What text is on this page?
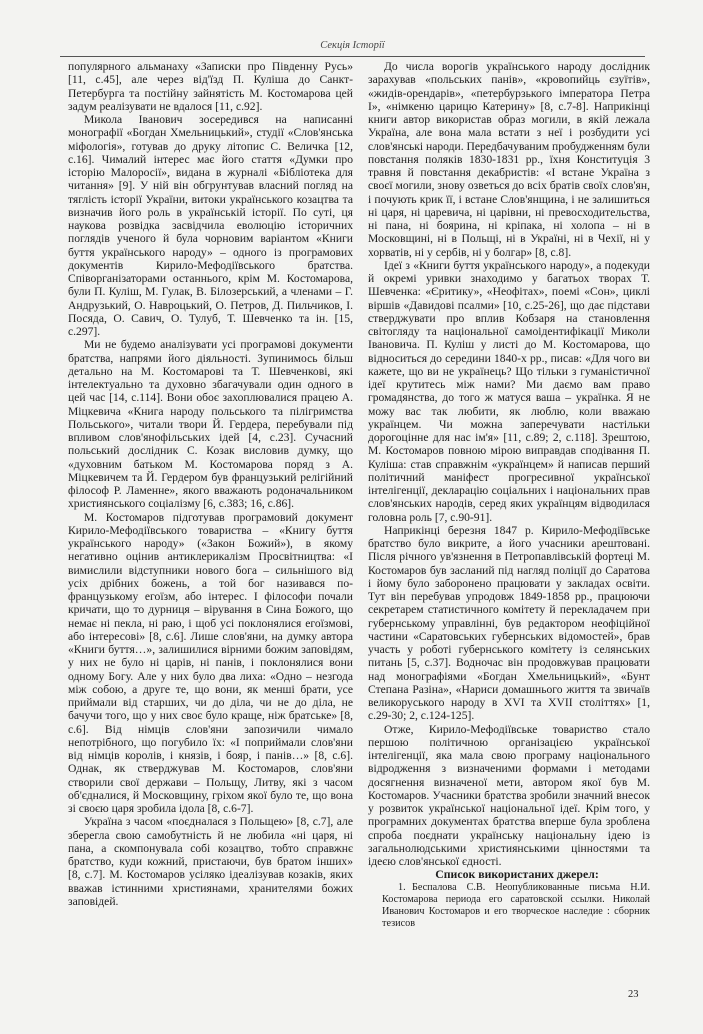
Секція Історії

популярного альманаху «Записки про Південну Русь» [11, с.45], але через від'їзд П. Куліша до Санкт-Петербурга та постійну зайнятість М. Костомарова цей задум реалізувати не вдалося [11, с.92].

Микола Іванович зосередився на написанні монографії «Богдан Хмельницький», студії «Слов'янська міфологія», готував до друку літопис С. Величка [12, с.16]. Чималий інтерес має його стаття «Думки про історію Малоросії», видана в журналі «Бібліотека для читання» [9]. У ній він обгрунтував власний погляд на тяглість історії України, витоки українського козацтва та визначив його роль в українській історії. По суті, ця наукова розвідка засвідчила еволюцію історичних поглядів ученого й була чорновим варіантом «Книги буття українського народу» – одного із програмових документів Кирило-Мефодіївського братства. Співорганізаторами останнього, крім М. Костомарова, були П. Куліш, М. Гулак, В. Білозерський, а членами – Г. Андрузький, О. Навроцький, О. Петров, Д. Пильчиков, І. Посяда, О. Савич, О. Тулуб, Т. Шевченко та ін. [15, с.297].

Ми не будемо аналізувати усі програмові документи братства, напрями його діяльності. Зупинимось більш детально на М. Костомарові та Т. Шевченкові, які інтелектуально та духовно збагачували один одного в цей час [14, с.114]. Вони обоє захоплювалися працею А. Міцкевича «Книга народу польського та пілігримства Польського», читали твори Й. Гердера, перебували під впливом слов'янофільських ідей [4, с.23]. Сучасний польський дослідник С. Козак висловив думку, що «духовним батьком М. Костомарова поряд з А. Міцкевичем та Й. Гердером був французький релігійний філософ Р. Ламенне», якого вважають родоначальником християнського соціалізму [6, с.383; 16, с.86].

М. Костомаров підготував програмовий документ Кирило-Мефодіївського товариства – «Книгу буття українського народу» («Закон Божий»), в якому негативно оцінив антиклерикалізм Просвітництва: «І вимислили відступники нового бога – сильнішого від усіх дрібних божень, а той бог називався по-французькому егоїзм, або інтерес. І філософи почали кричати, що то дурниця – вірування в Сина Божого, що немає ні пекла, ні раю, і щоб усі поклонялися егоїзмові, або інтересові» [8, с.6]. Лише слов'яни, на думку автора «Книги буття…», залишилися вірними божим заповідям, у них не було ні царів, ні панів, і поклонялися вони одному Богу. Але у них було два лиха: «Одно – незгода між собою, а друге те, що вони, як менші брати, усе приймали від старших, чи до діла, чи не до діла, не бачучи того, що у них своє було краще, ніж братське» [8, с.6]. Від німців слов'яни запозичили чимало непотрібного, що погубило їх: «І поприймали слов'яни від німців королів, і князів, і бояр, і панів…» [8, с.6]. Однак, як стверджував М. Костомаров, слов'яни створили свої держави – Польщу, Литву, які з часом об'єдналися, й Московщину, гріхом якої було те, що вона зі своєю царя зробила ідола [8, с.6-7].

Україна з часом «поєдналася з Польщею» [8, с.7], але зберегла свою самобутність й не любила «ні царя, ні пана, а скомпонувала собі козацтво, тобто справжнє братство, куди кожний, пристаючи, був братом інших» [8, с.7]. М. Костомаров усіляко ідеалізував козаків, яких вважав істинними християнами, хранителями божих заповідей.

До числа ворогів українського народу дослідник зарахував «польських панів», «кровопийць єзуїтів», «жидів-орендарів», «петербурзького імператора Петра I», «німкеню царицю Катерину» [8, с.7-8]. Наприкінці книги автор використав образ могили, в якій лежала Україна, але вона мала встати з неї і розбудити усі слов'янські народи. Передбачуваним пробудженням були повстання поляків 1830-1831 рр., їхня Конституція 3 травня й повстання декабристів: «І встане Україна з своєї могили, знову озветься до всіх братів своїх слов'ян, і почують крик її, і встане Слов'янщина, і не залишиться ні царя, ні царевича, ні царівни, ні превосходительства, ні пана, ні боярина, ні кріпака, ні холопа – ні в Московщині, ні в Польщі, ні в Україні, ні в Чехії, ні у хорватів, ні у сербів, ні у болгар» [8, с.8].

Ідеї з «Книги буття українського народу», а подекуди й окремі уривки знаходимо у багатьох творах Т. Шевченка: «Єритику», «Неофітах», поемі «Сон», циклі віршів «Давидові псалми» [10, с.25-26], що дає підстави стверджувати про вплив Кобзаря на становлення світогляду та національної самоідентифікації Миколи Івановича. П. Куліш у листі до М. Костомарова, що відноситься до середини 1840-х рр., писав: «Для чого ви кажете, що ви не українець? Що тільки з гуманістичної ідеї крутитесь між нами? Ми даємо вам право громадянства, до того ж матуся ваша – українка. Я не можу вас так любити, як люблю, коли вважаю українцем. Чи можна заперечувати настільки дорогоцінне для нас ім'я» [11, с.89; 2, с.118]. Зрештою, М. Костомаров повною мірою виправдав сподівання П. Куліша: став справжнім «українцем» й написав перший політичний маніфест прогресивної української інтелігенції, декларацію соціальних і національних прав слов'янських народів, серед яких українцям відводилася головна роль [7, с.90-91].

Наприкінці березня 1847 р. Кирило-Мефодіївське братство було викрите, а його учасники арештовані. Після річного ув'язнення в Петропавлівській фортеці М. Костомаров був засланий під нагляд поліції до Саратова і йому було заборонено працювати у закладах освіти. Тут він перебував упродовж 1849-1858 рр., працюючи секретарем статистичного комітету й перекладачем при губернському управлінні, був редактором неофіційної частини «Саратовських губернських відомостей», брав участь у роботі губернського комітету із селянських питань [5, с.37]. Водночас він продовжував працювати над монографіями «Богдан Хмельницький», «Бунт Степана Разіна», «Нариси домашнього життя та звичаїв великоруського народу в XVI та XVII століттях» [1, с.29-30; 2, с.124-125].

Отже, Кирило-Мефодіївське товариство стало першою політичною організацією української інтелігенції, яка мала свою програму національного відродження з визначеними формами і методами досягнення визначеної мети, автором якої був М. Костомаров. Учасники братства зробили значний внесок у розвиток української національної ідеї. Крім того, у програмних документах братства вперше була зроблена спроба поєднати українську національну ідею із загальнолюдськими християнськими цінностями та ідеєю слов'янської єдності.

Список використаних джерел:

1. Беспалова С.В. Неопубликованные письма Н.И. Костомарова периода его саратовской ссылки. Николай Иванович Костомаров и его творческое наследие : сборник тезисов

23
